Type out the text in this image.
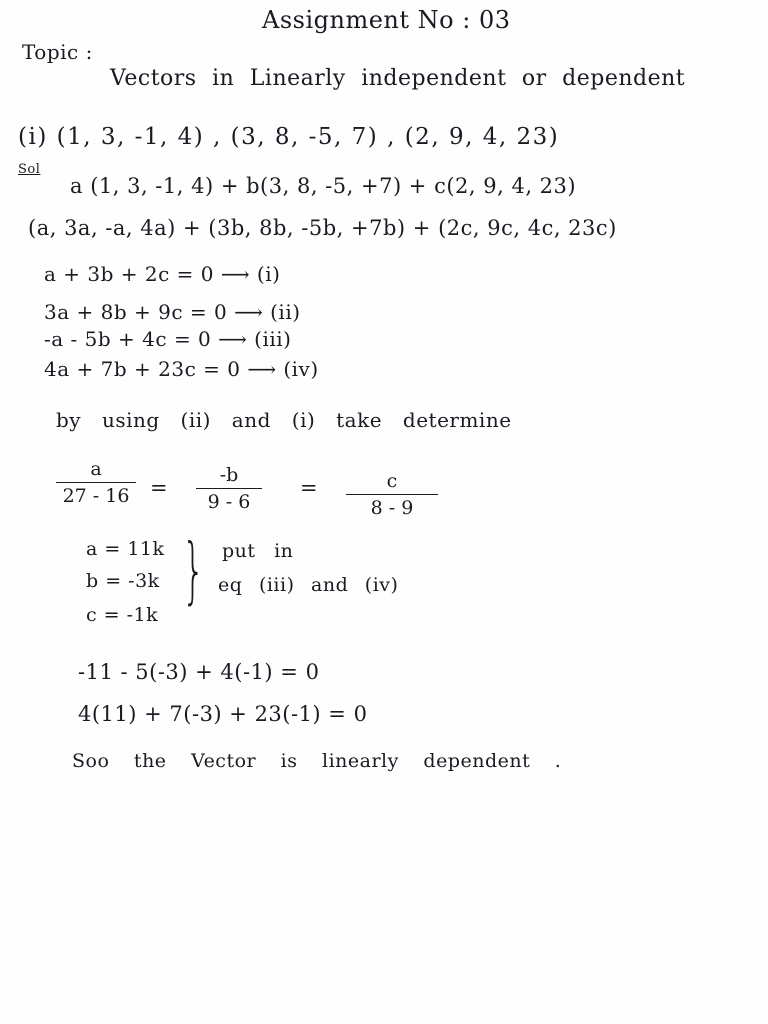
Assignment No : 03
Topic :
Vectors in Linearly independent or dependent
(i) (1, 3, -1, 4) , (3, 8, -5, 7) , (2, 9, 4, 23)
Sol
a (1, 3, -1, 4) + b(3, 8, -5, +7) + c(2, 9, 4, 23)
(a, 3a, -a, 4a) + (3b, 8b, -5b, +7b) + (2c, 9c, 4c, 23c)
a + 3b + 2c = 0 ⟶ (i)
3a + 8b + 9c = 0 ⟶ (ii)
-a - 5b + 4c = 0 ⟶ (iii)
4a + 7b + 23c = 0 ⟶ (iv)
by using (ii) and (i) take determine
$\frac{a}{27 - 16} = \frac{-b}{9 - 6} = \frac{c}{8 - 9}$
a = 11k
b = -3k
c = -1k
} put in
eq (iii) and (iv)
-11 - 5(-3) + 4(-1) = 0
4(11) + 7(-3) + 23(-1) = 0
Soo the Vector is linearly dependent .
